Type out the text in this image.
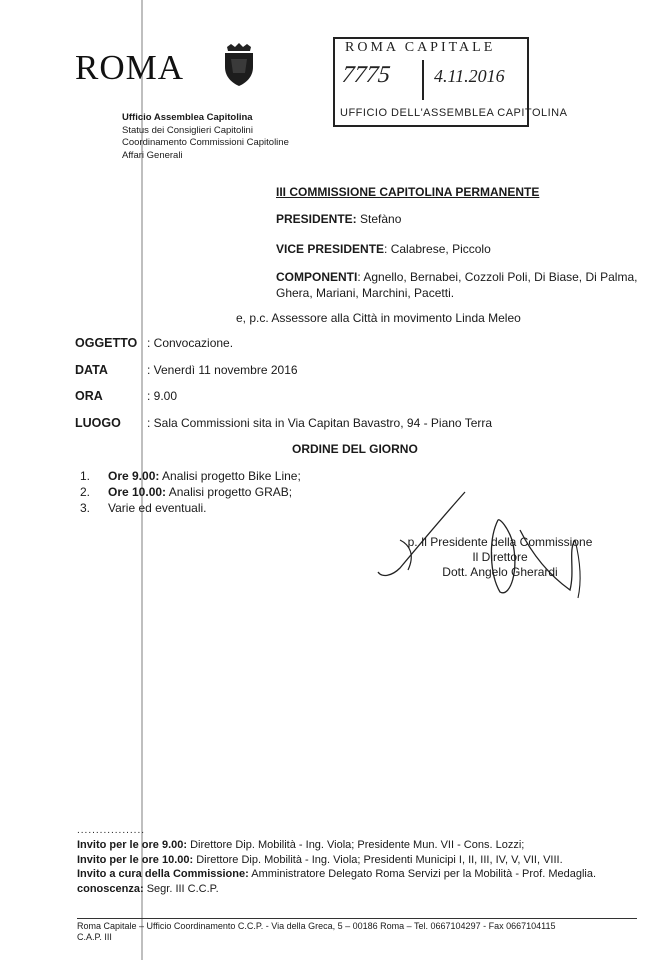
ROMA
Ufficio Assemblea Capitolina
Status dei Consiglieri Capitolini
Coordinamento Commissioni Capitoline
Affari Generali
ROMA CAPITALE
7775 4.11.2016
UFFICIO DELL'ASSEMBLEA CAPITOLINA
III COMMISSIONE CAPITOLINA PERMANENTE
PRESIDENTE: Stefàno
VICE PRESIDENTE: Calabrese, Piccolo
COMPONENTI: Agnello, Bernabei, Cozzoli Poli, Di Biase, Di Palma,
Ghera, Mariani, Marchini, Pacetti.
e, p.c. Assessore alla Città in movimento Linda Meleo
OGGETTO : Convocazione.
DATA	: Venerdì 11 novembre 2016
ORA	: 9.00
LUOGO : Sala Commissioni sita in Via Capitan Bavastro, 94 - Piano Terra
ORDINE DEL GIORNO
1. Ore 9.00: Analisi progetto Bike Line;
2. Ore 10.00: Analisi progetto GRAB;
3. Varie ed eventuali.
p. Il Presidente della Commissione
Il Direttore
Dott. Angelo Gherardi
..................
Invito per le ore 9.00: Direttore Dip. Mobilità - Ing. Viola; Presidente Mun. VII - Cons. Lozzi;
Invito per le ore 10.00: Direttore Dip. Mobilità - Ing. Viola; Presidenti Municipi I, II, III, IV, V, VII, VIII.
Invito a cura della Commissione: Amministratore Delegato Roma Servizi per la Mobilità - Prof. Medaglia.
conoscenza: Segr. III C.C.P.
Roma Capitale – Ufficio Coordinamento C.C.P. - Via della Greca, 5 – 00186 Roma – Tel. 0667104297 - Fax 0667104115
C.A.P. III
